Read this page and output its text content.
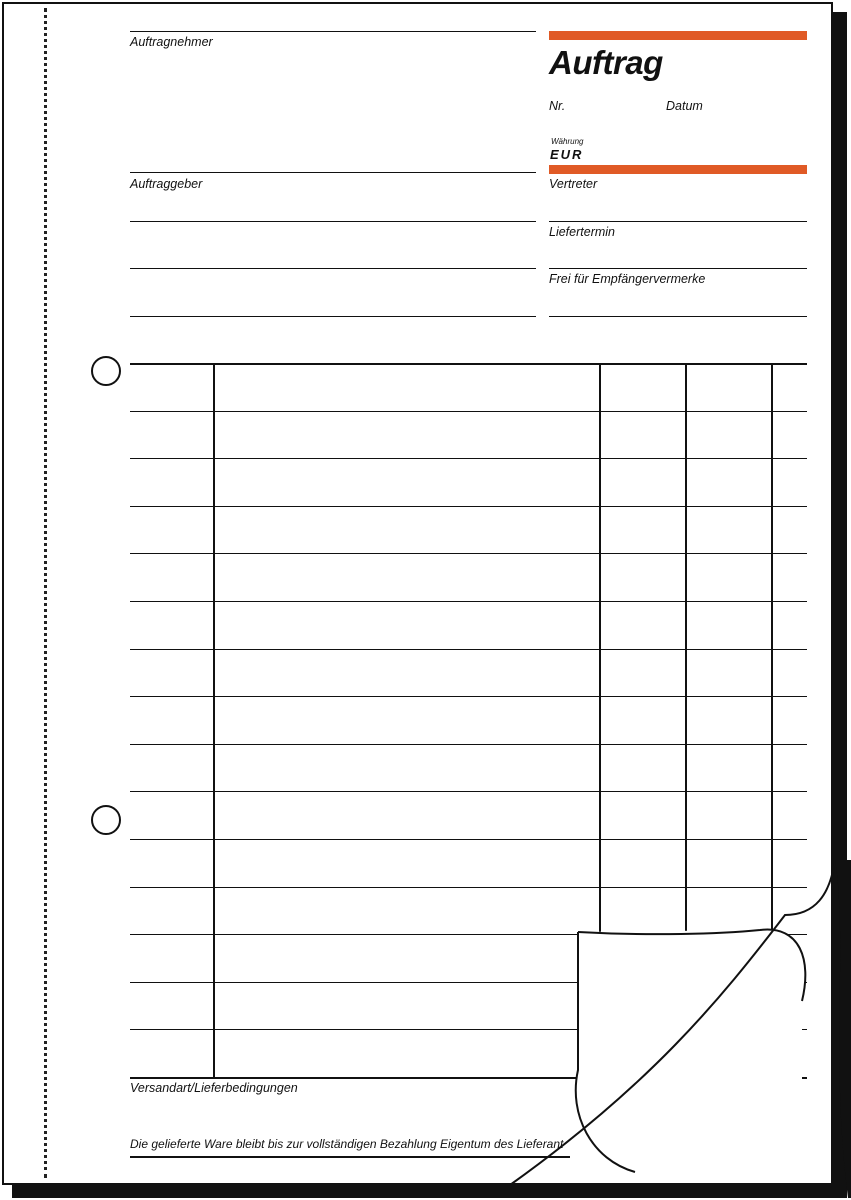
Auftragnehmer
Auftraggeber
Auftrag
Nr.	Datum
Währung
EUR
Vertreter
Liefertermin
Frei für Empfängervermerke
Versandart/Lieferbedingungen
Die gelieferte Ware bleibt bis zur vollständigen Bezahlung Eigentum des Lieferant
